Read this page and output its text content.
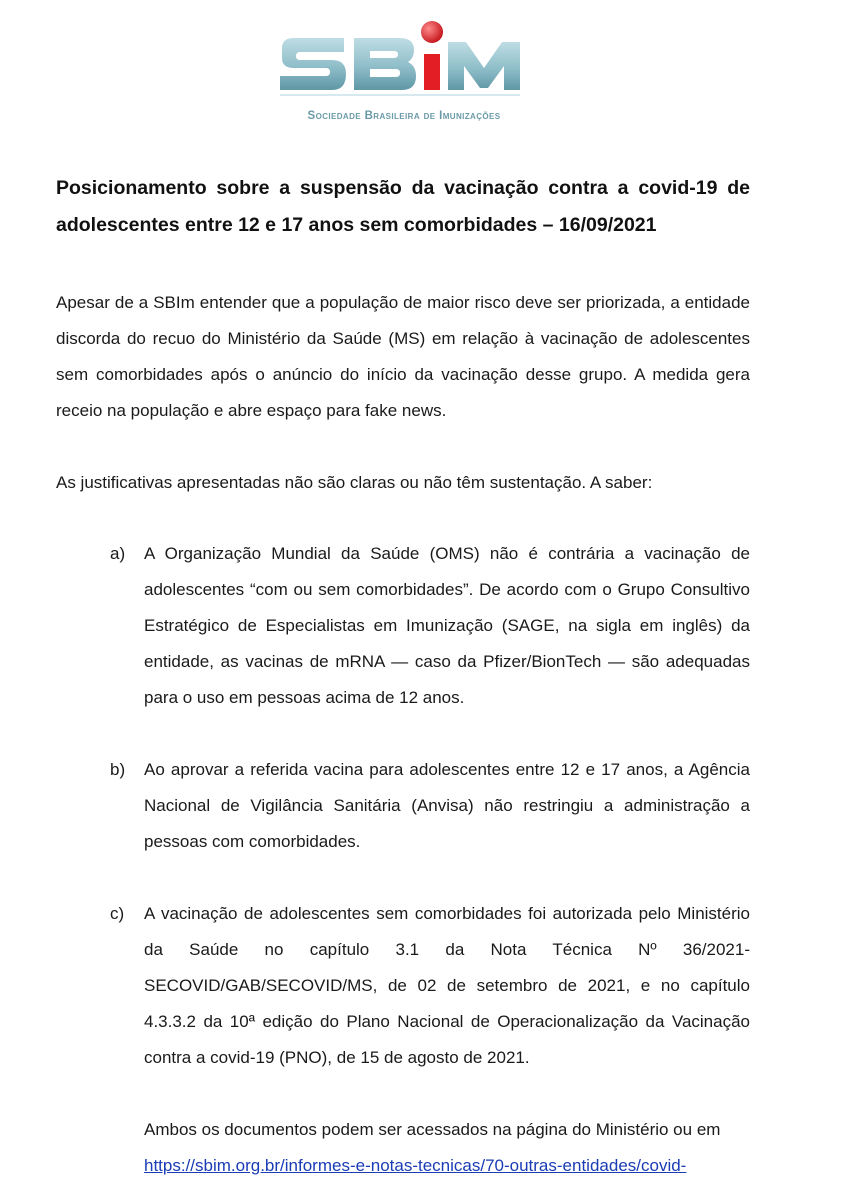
Sociedade Brasileira de Imunizações
Posicionamento sobre a suspensão da vacinação contra a covid-19 de adolescentes entre 12 e 17 anos sem comorbidades – 16/09/2021

Apesar de a SBIm entender que a população de maior risco deve ser priorizada, a entidade discorda do recuo do Ministério da Saúde (MS) em relação à vacinação de adolescentes sem comorbidades após o anúncio do início da vacinação desse grupo. A medida gera receio na população e abre espaço para fake news.

As justificativas apresentadas não são claras ou não têm sustentação. A saber:

a) A Organização Mundial da Saúde (OMS) não é contrária a vacinação de adolescentes “com ou sem comorbidades”. De acordo com o Grupo Consultivo Estratégico de Especialistas em Imunização (SAGE, na sigla em inglês) da entidade, as vacinas de mRNA — caso da Pfizer/BionTech — são adequadas para o uso em pessoas acima de 12 anos.
b) Ao aprovar a referida vacina para adolescentes entre 12 e 17 anos, a Agência Nacional de Vigilância Sanitária (Anvisa) não restringiu a administração a pessoas com comorbidades.
c) A vacinação de adolescentes sem comorbidades foi autorizada pelo Ministério da Saúde no capítulo 3.1 da Nota Técnica Nº 36/2021-SECOVID/GAB/SECOVID/MS, de 02 de setembro de 2021, e no capítulo 4.3.3.2 da 10ª edição do Plano Nacional de Operacionalização da Vacinação contra a covid-19 (PNO), de 15 de agosto de 2021.
Ambos os documentos podem ser acessados na página do Ministério ou em
https://sbim.org.br/informes-e-notas-tecnicas/70-outras-entidades/covid-
